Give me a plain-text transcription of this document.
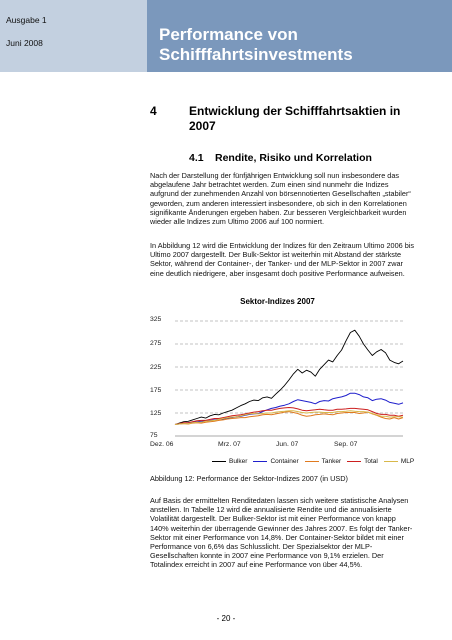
Ausgabe 1
Juni 2008	Performance von
Schifffahrtsinvestments
4	Entwicklung der Schifffahrtsaktien in 2007
4.1 Rendite, Risiko und Korrelation
Nach der Darstellung der fünfjährigen Entwicklung soll nun insbesondere das abgelaufene Jahr betrachtet werden. Zum einen sind nunmehr die Indizes aufgrund der zunehmenden Anzahl von börsennotierten Gesellschaften „stabiler“ geworden, zum anderen interessiert insbesondere, ob sich in den Korrelationen signifikante Änderungen ergeben haben. Zur besseren Vergleichbarkeit wurden wieder alle Indizes zum Ultimo 2006 auf 100 normiert.
In Abbildung 12 wird die Entwicklung der Indizes für den Zeitraum Ultimo 2006 bis Ultimo 2007 dargestellt. Der Bulk-Sektor ist weiterhin mit Abstand der stärkste Sektor, während der Container-, der Tanker- und der MLP-Sektor in 2007 zwar eine deutlich niedrigere, aber insgesamt doch positive Performance aufweisen.
Sektor-Indizes 2007
325
275
225
175
125
75
Dez. 06	Mrz. 07	Jun. 07	Sep. 07
Bulker	Container	Tanker	Total	MLP
Abbildung 12: Performance der Sektor-Indizes 2007 (in USD)
Auf Basis der ermittelten Renditedaten lassen sich weitere statistische Analysen anstellen. In Tabelle 12 wird die annualisierte Rendite und die annualisierte Volatilität dargestellt. Der Bulker-Sektor ist mit einer Performance von knapp 140% weiterhin der überragende Gewinner des Jahres 2007. Es folgt der Tanker-Sektor mit einer Performance von 14,8%. Der Container-Sektor bildet mit einer Performance von 6,6% das Schlusslicht. Der Spezialsektor der MLP-Gesellschaften konnte in 2007 eine Performance von 9,1% erzielen. Der Totalindex erreicht in 2007 auf eine Performance von über 44,5%.
- 20 -
